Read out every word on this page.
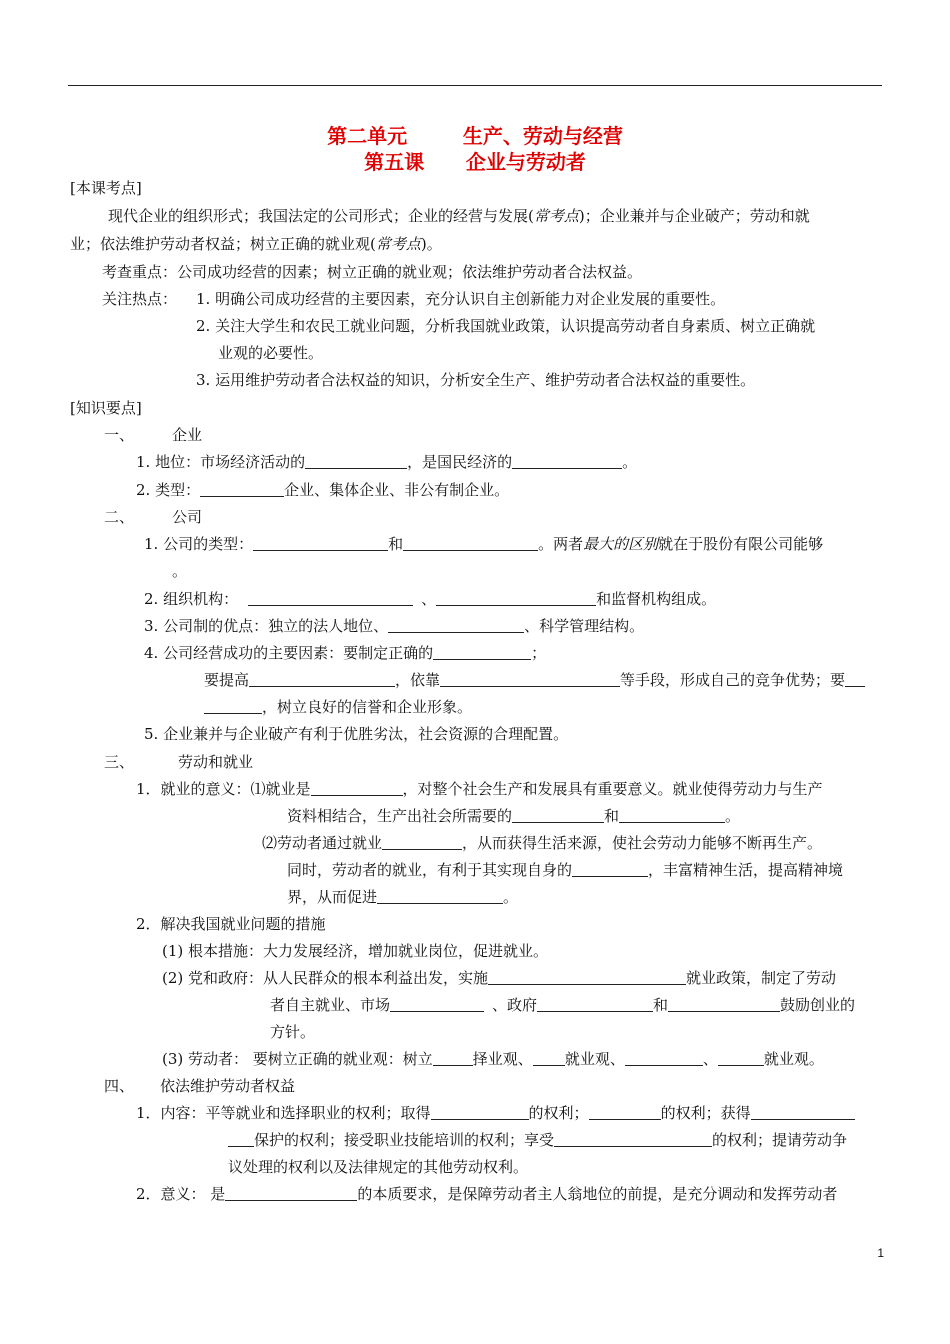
第二单元        生产、劳动与经营
第五课      企业与劳动者
[本课考点]
现代企业的组织形式；我国法定的公司形式；企业的经营与发展(常考点)；企业兼并与企业破产；劳动和就
业；依法维护劳动者权益；树立正确的就业观(常考点)。
考查重点：公司成功经营的因素；树立正确的就业观；依法维护劳动者合法权益。
关注热点： 1. 明确公司成功经营的主要因素，充分认识自主创新能力对企业发展的重要性。
2. 关注大学生和农民工就业问题，分析我国就业政策，认识提高劳动者自身素质、树立正确就
业观的必要性。
3. 运用维护劳动者合法权益的知识，分析安全生产、维护劳动者合法权益的重要性。
[知识要点]
一、	企业
1. 地位：市场经济活动的	，是国民经济的	。
2. 类型：	企业、集体企业、非公有制企业。
二、	公司
1. 公司的类型：	和	。两者最大的区别就在于股份有限公司能够
。
2. 组织机构：	、	和监督机构组成。
3. 公司制的优点：独立的法人地位、	、科学管理结构。
4. 公司经营成功的主要因素：要制定正确的	；
要提高	，依靠	等手段，形成自己的竞争优势；要
，树立良好的信誉和企业形象。
5. 企业兼并与企业破产有利于优胜劣汰，社会资源的合理配置。
三、	劳动和就业
1．就业的意义：⑴就业是	，对整个社会生产和发展具有重要意义。就业使得劳动力与生产
资料相结合，生产出社会所需要的	和	。
⑵劳动者通过就业	，从而获得生活来源，使社会劳动力能够不断再生产。
同时，劳动者的就业，有利于其实现自身的	，丰富精神生活，提高精神境
界，从而促进	。
2．解决我国就业问题的措施
(1) 根本措施：大力发展经济，增加就业岗位，促进就业。
(2) 党和政府：从人民群众的根本利益出发，实施	就业政策，制定了劳动
者自主就业、市场	、政府	和	鼓励创业的
方针。
(3) 劳动者： 要树立正确的就业观：树立	择业观、 就业观、	、	就业观。
四、 依法维护劳动者权益
1．内容：平等就业和选择职业的权利；取得	的权利；	的权利；获得
保护的权利；接受职业技能培训的权利；享受	的权利；提请劳动争
议处理的权利以及法律规定的其他劳动权利。
2．意义： 是	的本质要求，是保障劳动者主人翁地位的前提，是充分调动和发挥劳动者
1
